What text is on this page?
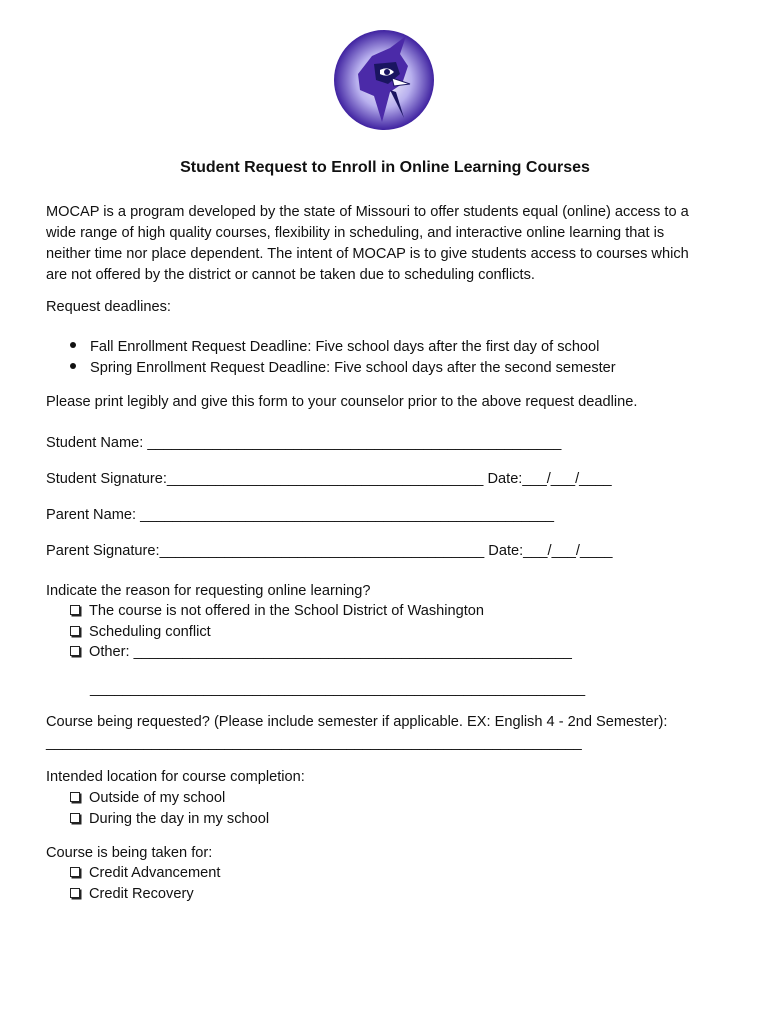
Student Request to Enroll in Online Learning Courses
MOCAP is a program developed by the state of Missouri to offer students equal (online) access to a
wide range of high quality courses, flexibility in scheduling, and interactive online learning that is
neither time nor place dependent. The intent of MOCAP is to give students access to courses which
are not offered by the district or cannot be taken due to scheduling conflicts.
Request deadlines:
Fall Enrollment Request Deadline: Five school days after the first day of school
Spring Enrollment Request Deadline: Five school days after the second semester
Please print legibly and give this form to your counselor prior to the above request deadline.
Student Name: ___________________________________________________
Student Signature:_______________________________________ Date:___/___/____
Parent Name: ___________________________________________________
Parent Signature:________________________________________ Date:___/___/____
Indicate the reason for requesting online learning?
The course is not offered in the School District of Washington
Scheduling conflict
Other: ______________________________________________________
_____________________________________________________________
Course being requested? (Please include semester if applicable. EX: English 4 - 2nd Semester):
__________________________________________________________________
Intended location for course completion:
Outside of my school
During the day in my school
Course is being taken for:
Credit Advancement
Credit Recovery
